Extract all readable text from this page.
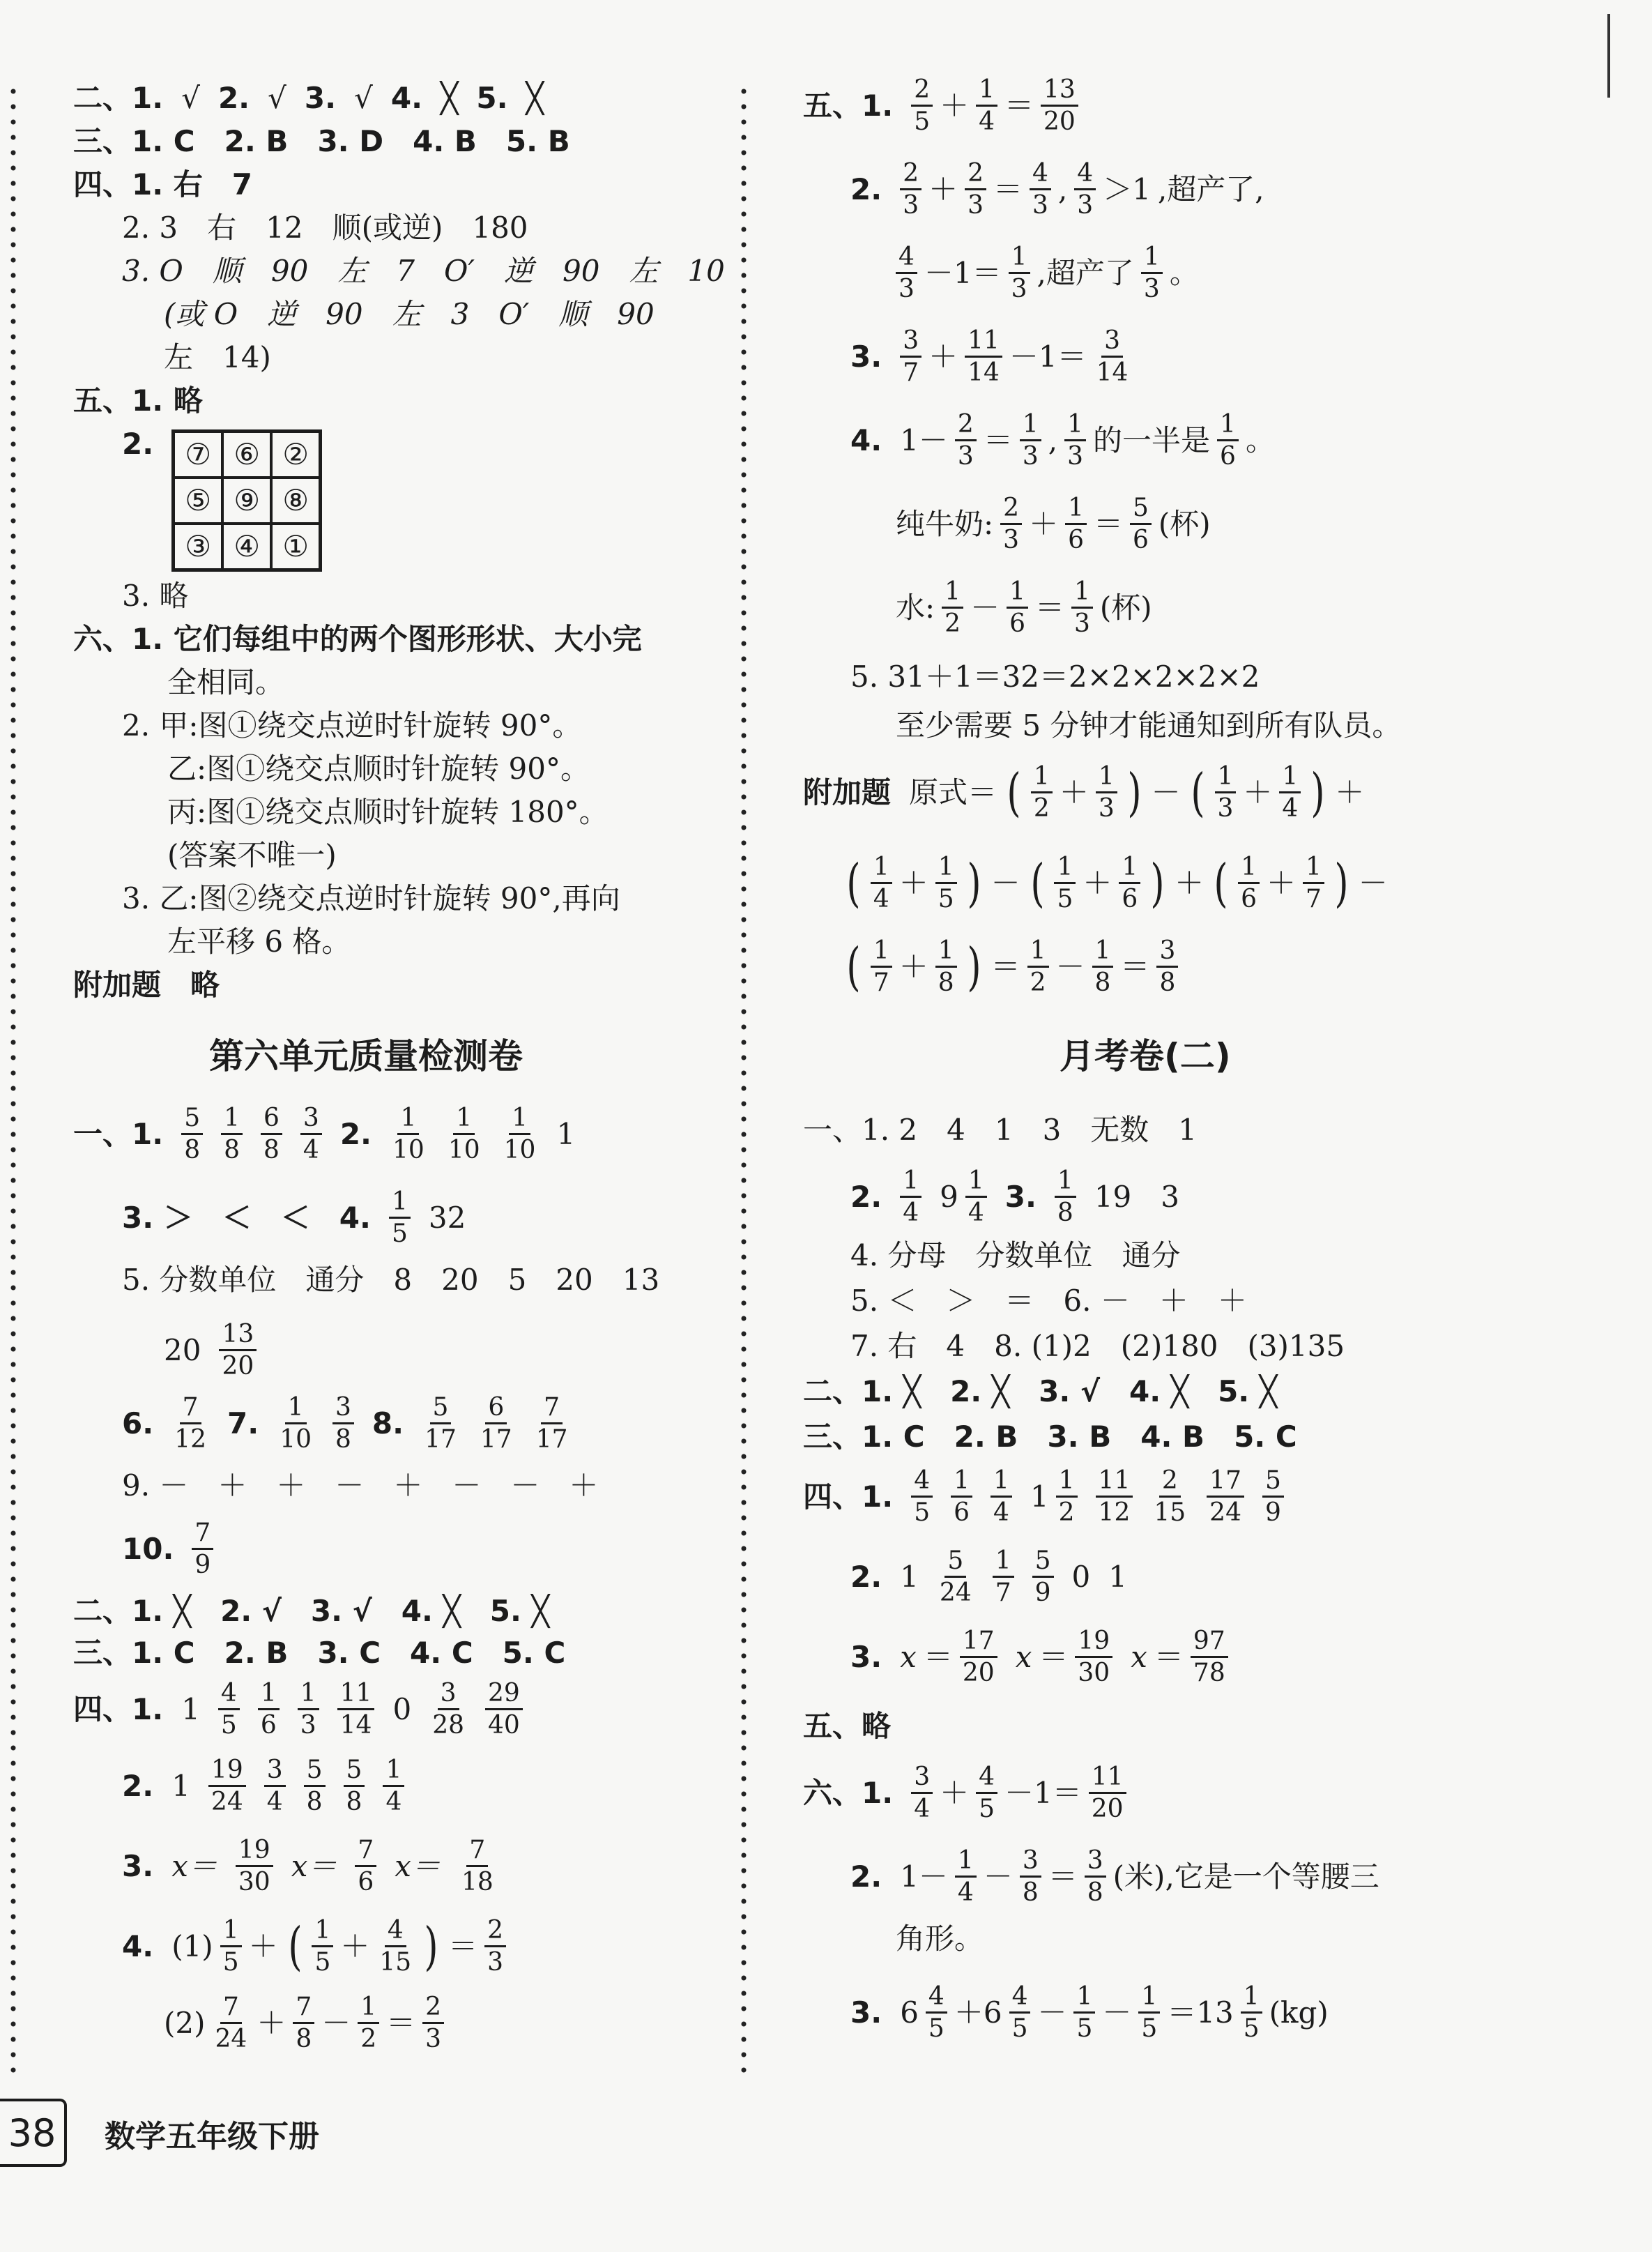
二、1. √ 2. √ 3. √ 4. ╳ 5. ╳
三、1. C　2. B　3. D　4. B　5. B
四、1. 右　7
2. 3　右　12　顺(或逆)　180
3. O　顺　90　左　7　O′　逆　90　左　10
(或 O　逆　90　左　3　O′　顺　90
左　14)
五、1. 略
2.	⑦ ⑥ ②
⑤ ⑨ ⑧
③ ④ ①
3. 略
六、1. 它们每组中的两个图形形状、大小完
全相同。
2. 甲:图①绕交点逆时针旋转 90°。
乙:图①绕交点顺时针旋转 90°。
丙:图①绕交点顺时针旋转 180°。
(答案不唯一)
3. 乙:图②绕交点逆时针旋转 90°,再向
左平移 6 格。
附加题　略
第六单元质量检测卷
一、1. $\frac{5}{8} \frac{1}{8} \frac{6}{8} \frac{3}{4} 2$. $\frac{1}{10} \frac{1}{10} \frac{1}{10} 1$
3. ＞　＜　＜　4. $\frac{1}{5} 32$
5. 分数单位　通分　8　20　5　20　13
$20 \frac{13}{20}$
6. $\frac{7}{12} 7$. $\frac{1}{10} \frac{3}{8} 8$. $\frac{5}{17} \frac{6}{17} \frac{7}{17}$
9. －　＋　＋　－　＋　－　－　＋
10. $\frac{7}{9}$
二、1. ╳　2. √　3. √　4. ╳　5. ╳
三、1. C　2. B　3. C　4. C　5. C
四、1. $1 \frac{4}{5} \frac{1}{6} \frac{1}{3} \frac{11}{14} 0 \frac{3}{28} \frac{29}{40}$
2. $1 \frac{19}{24} \frac{3}{4} \frac{5}{8} \frac{5}{8} \frac{1}{4}$
3. $x= \frac{19}{30} x= \frac{7}{6} x= \frac{7}{18}$
4. $(1) \frac{1}{5}$ ＋ ( $\frac{1}{5} + \frac{4}{15}$ ) ＝ $\frac{2}{3}$
$(2) \frac{7}{24} + \frac{7}{8} - \frac{1}{2} = \frac{2}{3}$
五、1. $\frac{2}{5} + \frac{1}{4} = \frac{13}{20}$
2. $\frac{2}{3} + \frac{2}{3} = \frac{4}{3}$ , $\frac{4}{3} >1$ ,超产了,
$\frac{4}{3} -1= \frac{1}{3}$ ,超产了 $\frac{1}{3}$ 。
3. $\frac{3}{7} + \frac{11}{14} -1= \frac{3}{14}$
4. $1- \frac{2}{3} = \frac{1}{3}$ , $\frac{1}{3}$ 的一半是 $\frac{1}{6}$ 。
纯牛奶: $\frac{2}{3} + \frac{1}{6} = \frac{5}{6}$ (杯)
水: $\frac{1}{2} - \frac{1}{6} = \frac{1}{3}$ (杯)
5. 31＋1＝32＝2×2×2×2×2
至少需要 5 分钟才能通知到所有队员。
附加题 原式＝ ( $\frac{1}{2} + \frac{1}{3}$ ) － ( $\frac{1}{3} + \frac{1}{4}$ ) ＋
( $\frac{1}{4} + \frac{1}{5}$ ) － ( $\frac{1}{5} + \frac{1}{6}$ ) ＋ ( $\frac{1}{6} + \frac{1}{7}$ ) －
( $\frac{1}{7} + \frac{1}{8}$ ) ＝ $\frac{1}{2} - \frac{1}{8} = \frac{3}{8}$
月考卷(二)
一、1. 2　4　1　3　无数　1
2. $\frac{1}{4} 9 \frac{1}{4} 3$. $\frac{1}{8} 19$　3
4. 分母　分数单位　通分
5. ＜　＞　＝　6. －　＋　＋
7. 右　4　8. (1)2　(2)180　(3)135
二、1. ╳　2. ╳　3. √　4. ╳　5. ╳
三、1. C　2. B　3. B　4. B　5. C
四、1. $\frac{4}{5} \frac{1}{6} \frac{1}{4} 1 \frac{1}{2} \frac{11}{12} \frac{2}{15} \frac{17}{24} \frac{5}{9}$
2. $1 \frac{5}{24} \frac{1}{7} \frac{5}{9} 0$ 1
3. $x = \frac{17}{20}$ $x = \frac{19}{30}$ $x = \frac{97}{78}$
五、略
六、1. $\frac{3}{4} + \frac{4}{5} -1= \frac{11}{20}$
2. $1- \frac{1}{4} - \frac{3}{8} = \frac{3}{8}$ (米),它是一个等腰三
角形。
3. $6 \frac{4}{5} +6 \frac{4}{5} - \frac{1}{5} - \frac{1}{5} =13 \frac{1}{5} (kg)$
38	数学五年级下册
